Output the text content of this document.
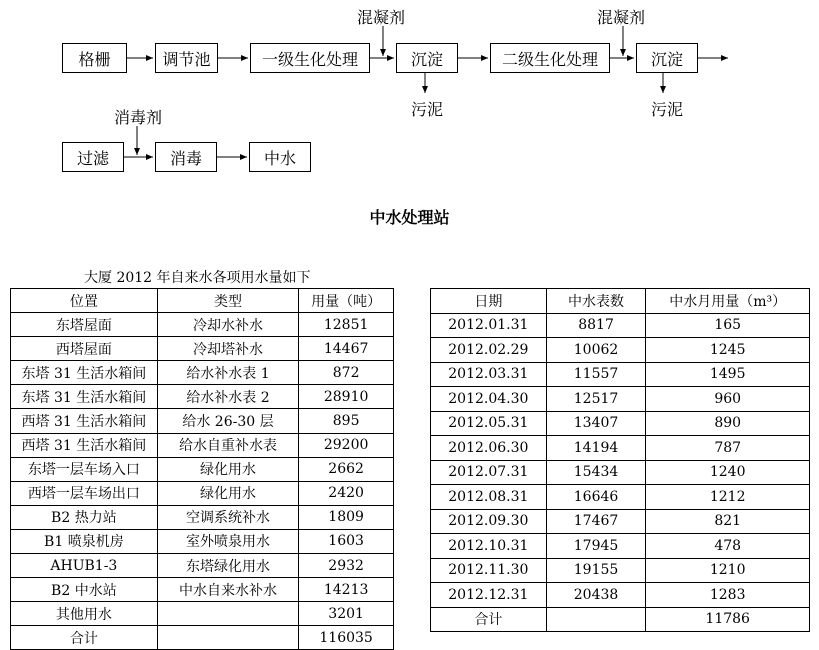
格栅	调节池	一级生化处理	沉淀	二级生化处理	沉淀
混凝剂	混凝剂
污泥	污泥
过滤	消毒	中水
消毒剂
中水处理站
大厦 2012 年自来水各项用水量如下
位置	类型	用量（吨）
东塔屋面	冷却水补水	12851
西塔屋面	冷却塔补水	14467
东塔 31 生活水箱间	给水补水表 1	872
东塔 31 生活水箱间	给水补水表 2	28910
西塔 31 生活水箱间	给水 26-30 层	895
西塔 31 生活水箱间	给水自重补水表	29200
东塔一层车场入口	绿化用水	2662
西塔一层车场出口	绿化用水	2420
B2 热力站	空调系统补水	1809
B1 喷泉机房	室外喷泉用水	1603
AHUB1-3	东塔绿化用水	2932
B2 中水站	中水自来水补水	14213
其他用水		3201
合计		116035
日期	中水表数	中水月用量（m³）
2012.01.31	8817	165
2012.02.29	10062	1245
2012.03.31	11557	1495
2012.04.30	12517	960
2012.05.31	13407	890
2012.06.30	14194	787
2012.07.31	15434	1240
2012.08.31	16646	1212
2012.09.30	17467	821
2012.10.31	17945	478
2012.11.30	19155	1210
2012.12.31	20438	1283
合计		11786
